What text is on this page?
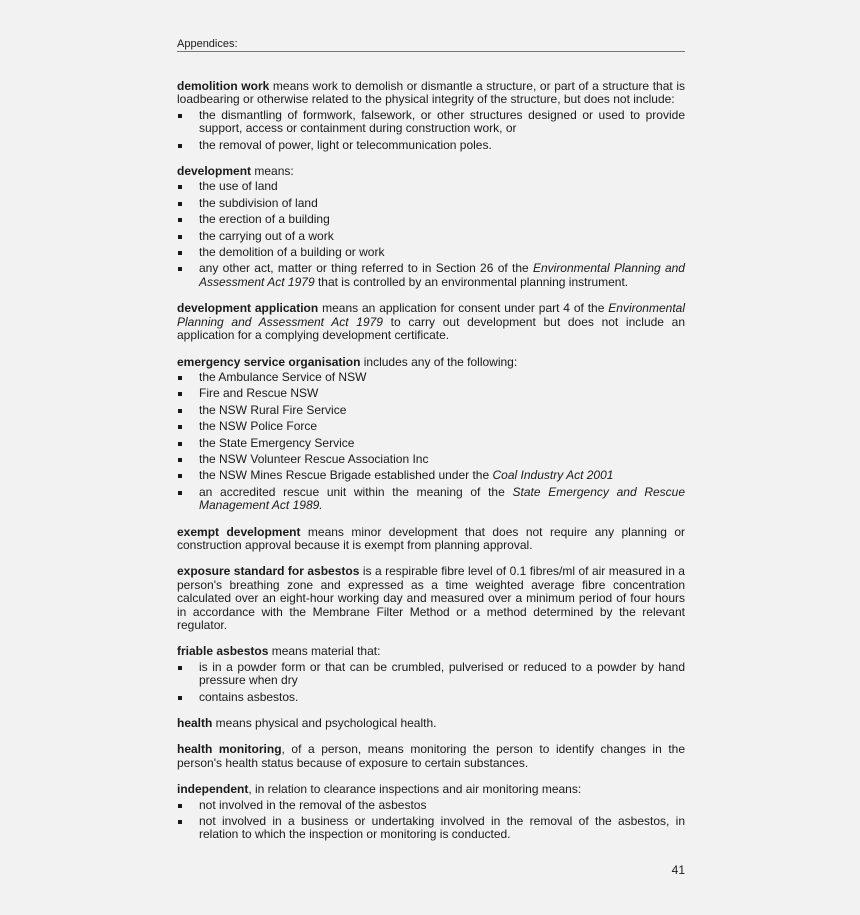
Appendices:

demolition work means work to demolish or dismantle a structure, or part of a structure that is loadbearing or otherwise related to the physical integrity of the structure, but does not include:

the dismantling of formwork, falsework, or other structures designed or used to provide support, access or containment during construction work, or
the removal of power, light or telecommunication poles.

development means:

the use of land
the subdivision of land
the erection of a building
the carrying out of a work
the demolition of a building or work
any other act, matter or thing referred to in Section 26 of the Environmental Planning and Assessment Act 1979 that is controlled by an environmental planning instrument.

development application means an application for consent under part 4 of the Environmental Planning and Assessment Act 1979 to carry out development but does not include an application for a complying development certificate.

emergency service organisation includes any of the following:

the Ambulance Service of NSW
Fire and Rescue NSW
the NSW Rural Fire Service
the NSW Police Force
the State Emergency Service
the NSW Volunteer Rescue Association Inc
the NSW Mines Rescue Brigade established under the Coal Industry Act 2001
an accredited rescue unit within the meaning of the State Emergency and Rescue Management Act 1989.

exempt development means minor development that does not require any planning or construction approval because it is exempt from planning approval.

exposure standard for asbestos is a respirable fibre level of 0.1 fibres/ml of air measured in a person's breathing zone and expressed as a time weighted average fibre concentration calculated over an eight-hour working day and measured over a minimum period of four hours in accordance with the Membrane Filter Method or a method determined by the relevant regulator.

friable asbestos means material that:

is in a powder form or that can be crumbled, pulverised or reduced to a powder by hand pressure when dry
contains asbestos.

health means physical and psychological health.

health monitoring, of a person, means monitoring the person to identify changes in the person's health status because of exposure to certain substances.

independent, in relation to clearance inspections and air monitoring means:

not involved in the removal of the asbestos
not involved in a business or undertaking involved in the removal of the asbestos, in relation to which the inspection or monitoring is conducted.
41
